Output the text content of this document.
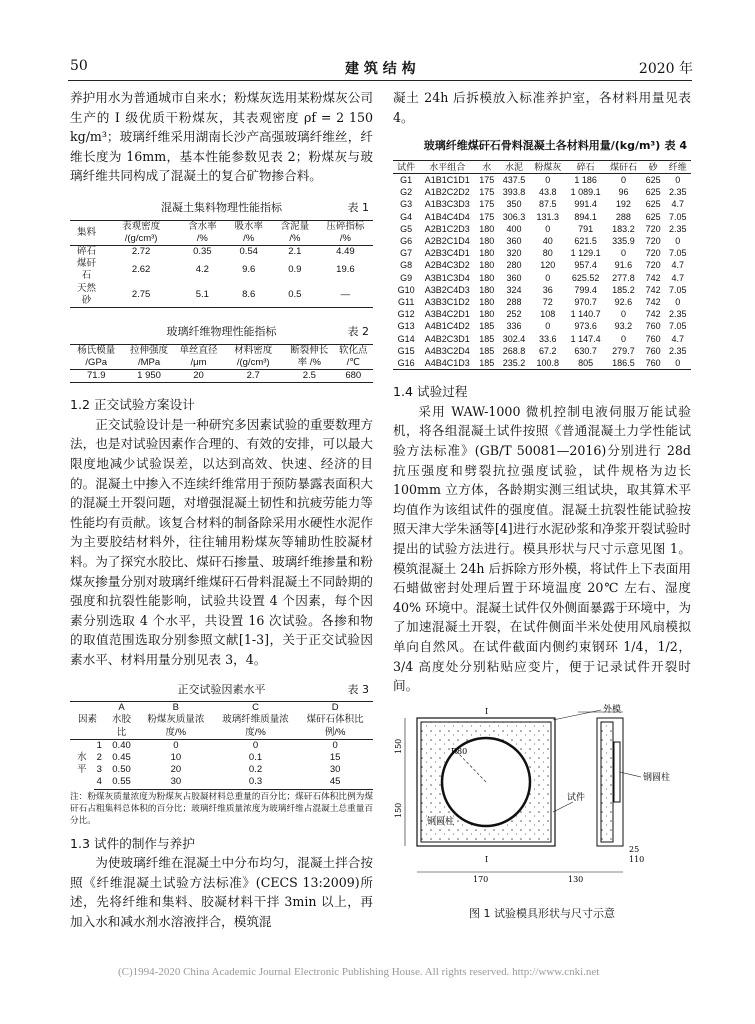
50	建 筑 结 构	2020 年

养护用水为普通城市自来水；粉煤灰选用某粉煤灰公司生产的 Ⅰ 级优质干粉煤灰，其表观密度 ρf = 2 150 kg/m³；玻璃纤维采用湖南长沙产高强玻璃纤维丝，纤维长度为 16mm，基本性能参数见表 2；粉煤灰与玻璃纤维共同构成了混凝土的复合矿物掺合料。

混凝土集料物理性能指标	表 1
集料	表观密度 /(g/cm³)	含水率 /%	吸水率 /%	含泥量 /%	压碎指标 /%
碎石	2.72	0.35	0.54	2.1	4.49
煤矸石	2.62	4.2	9.6	0.9	19.6
天然砂	2.75	5.1	8.6	0.5	—
玻璃纤维物理性能指标	表 2
杨氏模量 /GPa	拉伸强度 /MPa	单丝直径 /μm	材料密度 /(g/cm³)	断裂伸长率 /%	软化点 /℃
71.9	1 950	20	2.7	2.5	680

1.2 正交试验方案设计

正交试验设计是一种研究多因素试验的重要数理方法，也是对试验因素作合理的、有效的安排，可以最大限度地减少试验误差，以达到高效、快速、经济的目的。混凝土中掺入不连续纤维常用于预防暴露表面积大的混凝土开裂问题，对增强混凝土韧性和抗疲劳能力等性能均有贡献。该复合材料的制备除采用水硬性水泥作为主要胶结材料外，往往辅用粉煤灰等辅助性胶凝材料。为了探究水胶比、煤矸石掺量、玻璃纤维掺量和粉煤灰掺量分别对玻璃纤维煤矸石骨料混凝土不同龄期的强度和抗裂性能影响，试验共设置 4 个因素，每个因素分别选取 4 个水平，共设置 16 次试验。各掺和物的取值范围选取分别参照文献[1-3]，关于正交试验因素水平、材料用量分别见表 3，4。

正交试验因素水平	表 3
因素		A	B	C	D
		水胶比	粉煤灰质量浓度/%	玻璃纤维质量浓度/%	煤矸石体积比例/%
水平	1	0.40	0	0	0
	2	0.45	10	0.1	15
	3	0.50	20	0.2	30
	4	0.55	30	0.3	45
注：粉煤灰质量浓度为粉煤灰占胶凝材料总重量的百分比；煤矸石体积比例为煤矸石占粗集料总体积的百分比；玻璃纤维质量浓度为玻璃纤维占混凝土总重量百分比。

1.3 试件的制作与养护

为使玻璃纤维在混凝土中分布均匀，混凝土拌合按照《纤维混凝土试验方法标准》(CECS 13:2009)所述，先将纤维和集料、胶凝材料干拌 3min 以上，再加入水和减水剂水溶液拌合，模筑混

凝土 24h 后拆模放入标准养护室，各材料用量见表 4。

玻璃纤维煤矸石骨料混凝土各材料用量/(kg/m³) 表 4
试件	水平组合	水	水泥	粉煤灰	碎石	煤矸石	砂	纤维
G1	A1B1C1D1	175	437.5	0	1 186	0	625	0
G2	A1B2C2D2	175	393.8	43.8	1 089.1	96	625	2.35
G3	A1B3C3D3	175	350	87.5	991.4	192	625	4.7
G4	A1B4C4D4	175	306.3	131.3	894.1	288	625	7.05
G5	A2B1C2D3	180	400	0	791	183.2	720	2.35
G6	A2B2C1D4	180	360	40	621.5	335.9	720	0
G7	A2B3C4D1	180	320	80	1 129.1	0	720	7.05
G8	A2B4C3D2	180	280	120	957.4	91.6	720	4.7
G9	A3B1C3D4	180	360	0	625.52	277.8	742	4.7
G10	A3B2C4D3	180	324	36	799.4	185.2	742	7.05
G11	A3B3C1D2	180	288	72	970.7	92.6	742	0
G12	A3B4C2D1	180	252	108	1 140.7	0	742	2.35
G13	A4B1C4D2	185	336	0	973.6	93.2	760	7.05
G14	A4B2C3D1	185	302.4	33.6	1 147.4	0	760	4.7
G15	A4B3C2D4	185	268.8	67.2	630.7	279.7	760	2.35
G16	A4B4C1D3	185	235.2	100.8	805	186.5	760	0

1.4 试验过程

采用 WAW-1000 微机控制电液伺服万能试验机，将各组混凝土试件按照《普通混凝土力学性能试验方法标准》(GB/T 50081—2016)分别进行 28d 抗压强度和劈裂抗拉强度试验，试件规格为边长 100mm 立方体，各龄期实测三组试块，取其算术平均值作为该组试件的强度值。混凝土抗裂性能试验按照天津大学朱涵等[4]进行水泥砂浆和净浆开裂试验时提出的试验方法进行。模具形状与尺寸示意见图 1。模筑混凝土 24h 后拆除方形外模，将试件上下表面用石蜡做密封处理后置于环境温度 20℃ 左右、湿度 40% 环境中。混凝土试件仅外侧面暴露于环境中，为了加速混凝土开裂，在试件侧面半米处使用风扇模拟单向自然风。在试件截面内侧约束钢环 1/4，1/2，3/4 高度处分别粘贴应变片，便于记录试件开裂时间。

R80
外模
钢圆柱
试件
钢圆柱
I
I
150
150
170	130
110
25
图 1 试验模具形状与尺寸示意
(C)1994-2020 China Academic Journal Electronic Publishing House. All rights reserved. http://www.cnki.net
